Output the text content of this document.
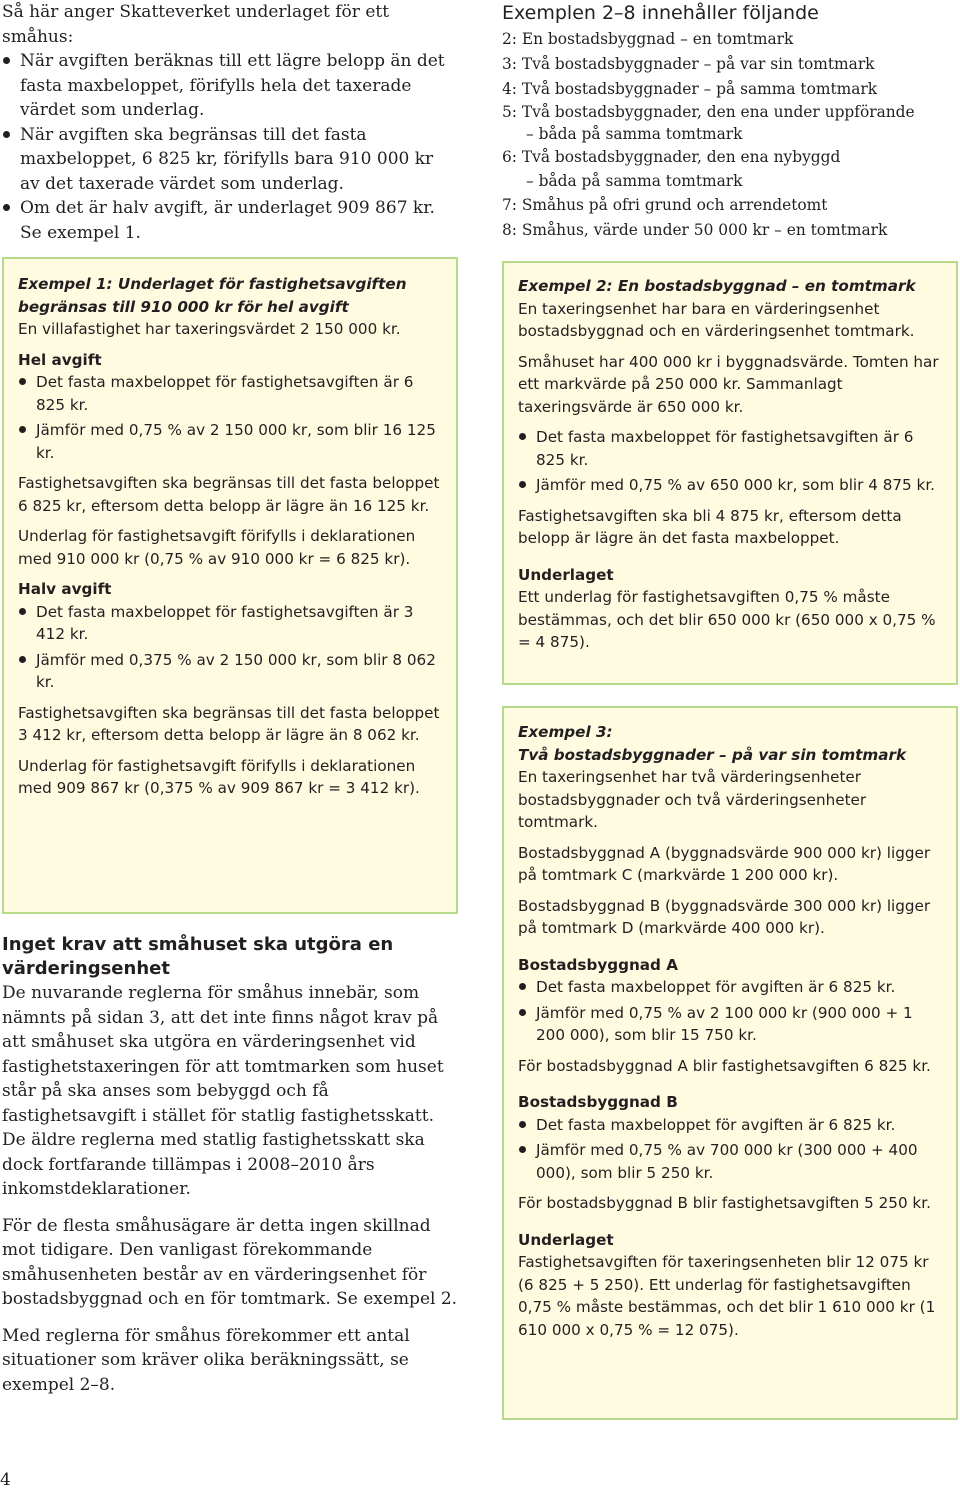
Så här anger Skatteverket underlaget för ett småhus:

När avgiften beräknas till ett lägre belopp än det fasta maxbeloppet, förifylls hela det taxerade värdet som underlag.
När avgiften ska begränsas till det fasta maxbeloppet, 6 825 kr, förifylls bara 910 000 kr av det taxerade värdet som underlag.
Om det är halv avgift, är underlaget 909 867 kr. Se exempel 1.

Exempel 1: Underlaget för fastighetsavgiften begränsas till 910 000 kr för hel avgift

En villafastighet har taxeringsvärdet 2 150 000 kr.

Hel avgift

Det fasta maxbeloppet för fastighetsavgiften är 6 825 kr.
Jämför med 0,75 % av 2 150 000 kr, som blir 16 125 kr.

Fastighetsavgiften ska begränsas till det fasta beloppet 6 825 kr, eftersom detta belopp är lägre än 16 125 kr.

Underlag för fastighetsavgift förifylls i deklarationen med 910 000 kr (0,75 % av 910 000 kr = 6 825 kr).

Halv avgift

Det fasta maxbeloppet för fastighetsavgiften är 3 412 kr.
Jämför med 0,375 % av 2 150 000 kr, som blir 8 062 kr.

Fastighetsavgiften ska begränsas till det fasta beloppet 3 412 kr, eftersom detta belopp är lägre än 8 062 kr.

Underlag för fastighetsavgift förifylls i deklarationen med 909 867 kr (0,375 % av 909 867 kr = 3 412 kr).

Inget krav att småhuset ska utgöra en värderingsenhet

De nuvarande reglerna för småhus innebär, som nämnts på sidan 3, att det inte finns något krav på att småhuset ska utgöra en värderingsenhet vid fastighetstaxeringen för att tomtmarken som huset står på ska anses som bebyggd och få fastighetsavgift i stället för statlig fastighetsskatt. De äldre reglerna med statlig fastighetsskatt ska dock fortfarande tillämpas i 2008–2010 års inkomstdeklarationer.

För de flesta småhusägare är detta ingen skillnad mot tidigare. Den vanligast förekommande småhusenheten består av en värderingsenhet för bostadsbyggnad och en för tomtmark. Se exempel 2.

Med reglerna för småhus förekommer ett antal situationer som kräver olika beräkningssätt, se exempel 2–8.

Exemplen 2–8 innehåller följande

2: En bostadsbyggnad – en tomtmark

3: Två bostadsbyggnader – på var sin tomtmark

4: Två bostadsbyggnader – på samma tomtmark

5: Två bostadsbyggnader, den ena under uppförande

– båda på samma tomtmark

6: Två bostadsbyggnader, den ena nybyggd

– båda på samma tomtmark

7: Småhus på ofri grund och arrendetomt

8: Småhus, värde under 50 000 kr – en tomtmark

Exempel 2: En bostadsbyggnad – en tomtmark

En taxeringsenhet har bara en värderingsenhet bostadsbyggnad och en värderingsenhet tomtmark.

Småhuset har 400 000 kr i byggnadsvärde. Tomten har ett markvärde på 250 000 kr. Sammanlagt taxeringsvärde är 650 000 kr.

Det fasta maxbeloppet för fastighetsavgiften är 6 825 kr.
Jämför med 0,75 % av 650 000 kr, som blir 4 875 kr.

Fastighetsavgiften ska bli 4 875 kr, eftersom detta belopp är lägre än det fasta maxbeloppet.

Underlaget

Ett underlag för fastighetsavgiften 0,75 % måste bestämmas, och det blir 650 000 kr (650 000 x 0,75 % = 4 875).

Exempel 3:

Två bostadsbyggnader – på var sin tomtmark

En taxeringsenhet har två värderingsenheter bostadsbyggnader och två värderingsenheter tomtmark.

Bostadsbyggnad A (byggnadsvärde 900 000 kr) ligger på tomtmark C (markvärde 1 200 000 kr).

Bostadsbyggnad B (byggnadsvärde 300 000 kr) ligger på tomtmark D (markvärde 400 000 kr).

Bostadsbyggnad A

Det fasta maxbeloppet för avgiften är 6 825 kr.
Jämför med 0,75 % av 2 100 000 kr (900 000 + 1 200 000), som blir 15 750 kr.

För bostadsbyggnad A blir fastighetsavgiften 6 825 kr.

Bostadsbyggnad B

Det fasta maxbeloppet för avgiften är 6 825 kr.
Jämför med 0,75 % av 700 000 kr (300 000 + 400 000), som blir 5 250 kr.

För bostadsbyggnad B blir fastighetsavgiften 5 250 kr.

Underlaget

Fastighetsavgiften för taxeringsenheten blir 12 075 kr (6 825 + 5 250). Ett underlag för fastighetsavgiften 0,75 % måste bestämmas, och det blir 1 610 000 kr (1 610 000 x 0,75 % = 12 075).

4
